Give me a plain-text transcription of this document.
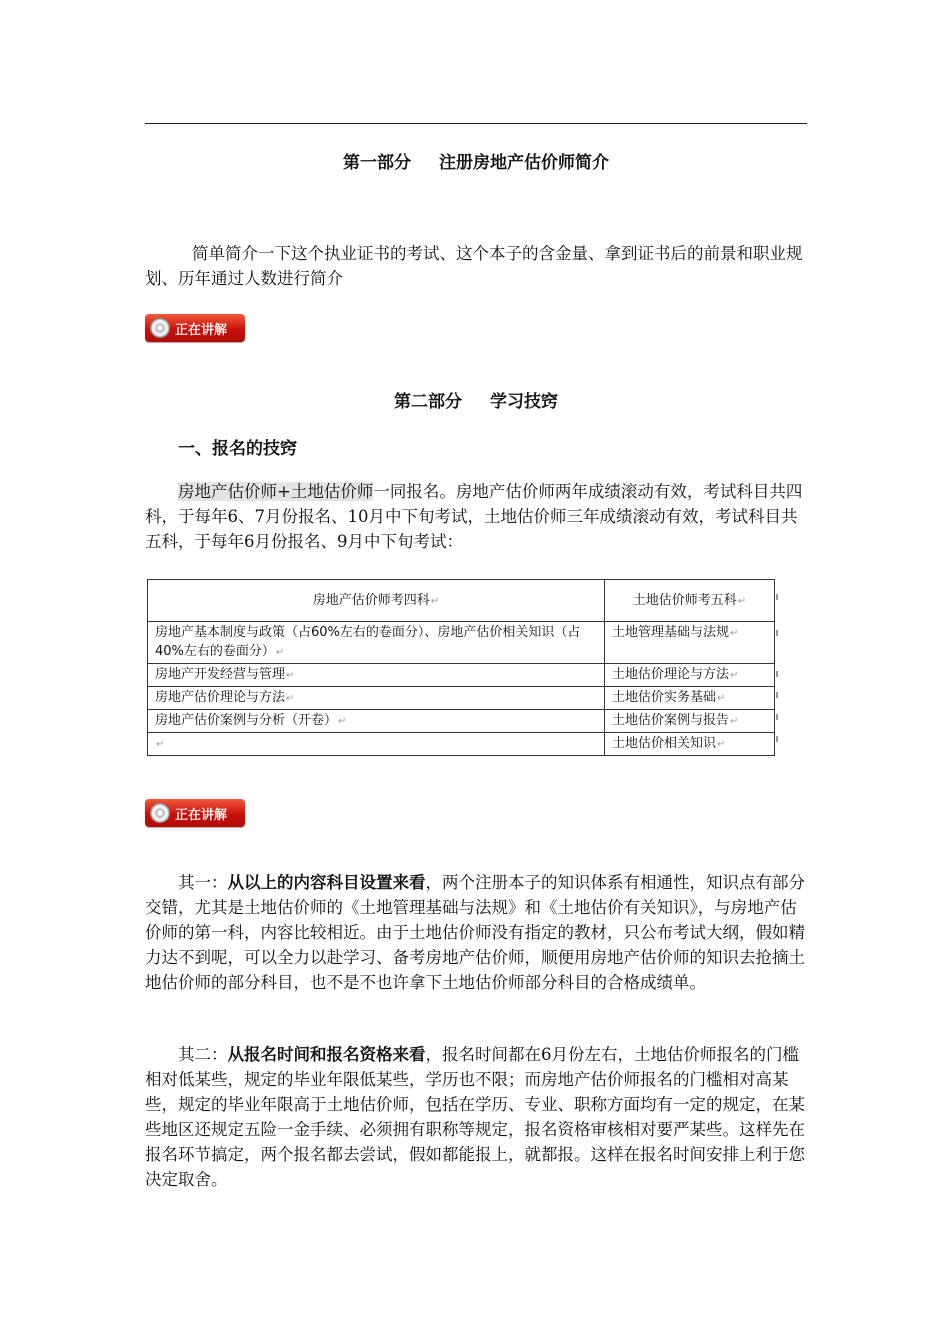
第一部分 注册房地产估价师简介

简单简介一下这个执业证书的考试、这个本子的含金量、拿到证书后的前景和职业规划、历年通过人数进行简介

正在讲解
第二部分 学习技窍
一、报名的技窍

房地产估价师+土地估价师一同报名。房地产估价师两年成绩滚动有效，考试科目共四科，于每年6、7月份报名、10月中下旬考试，土地估价师三年成绩滚动有效，考试科目共五科，于每年6月份报名、9月中下旬考试：

房地产估价师考四科↵	土地估价师考五科↵
房地产基本制度与政策（占60%左右的卷面分）、房地产估价相关知识（占40%左右的卷面分）↵	土地管理基础与法规↵
房地产开发经营与管理↵	土地估价理论与方法↵
房地产估价理论与方法↵	土地估价实务基础↵
房地产估价案例与分析（开卷）↵	土地估价案例与报告↵
↵	土地估价相关知识↵
正在讲解

其一：从以上的内容科目设置来看，两个注册本子的知识体系有相通性，知识点有部分交错，尤其是土地估价师的《土地管理基础与法规》和《土地估价有关知识》，与房地产估价师的第一科，内容比较相近。由于土地估价师没有指定的教材，只公布考试大纲，假如精力达不到呢，可以全力以赴学习、备考房地产估价师，顺便用房地产估价师的知识去抢摘土地估价师的部分科目，也不是不也许拿下土地估价师部分科目的合格成绩单。

其二：从报名时间和报名资格来看，报名时间都在6月份左右，土地估价师报名的门槛相对低某些，规定的毕业年限低某些，学历也不限；而房地产估价师报名的门槛相对高某些，规定的毕业年限高于土地估价师，包括在学历、专业、职称方面均有一定的规定，在某些地区还规定五险一金手续、必须拥有职称等规定，报名资格审核相对要严某些。这样先在报名环节搞定，两个报名都去尝试，假如都能报上，就都报。这样在报名时间安排上利于您决定取舍。
